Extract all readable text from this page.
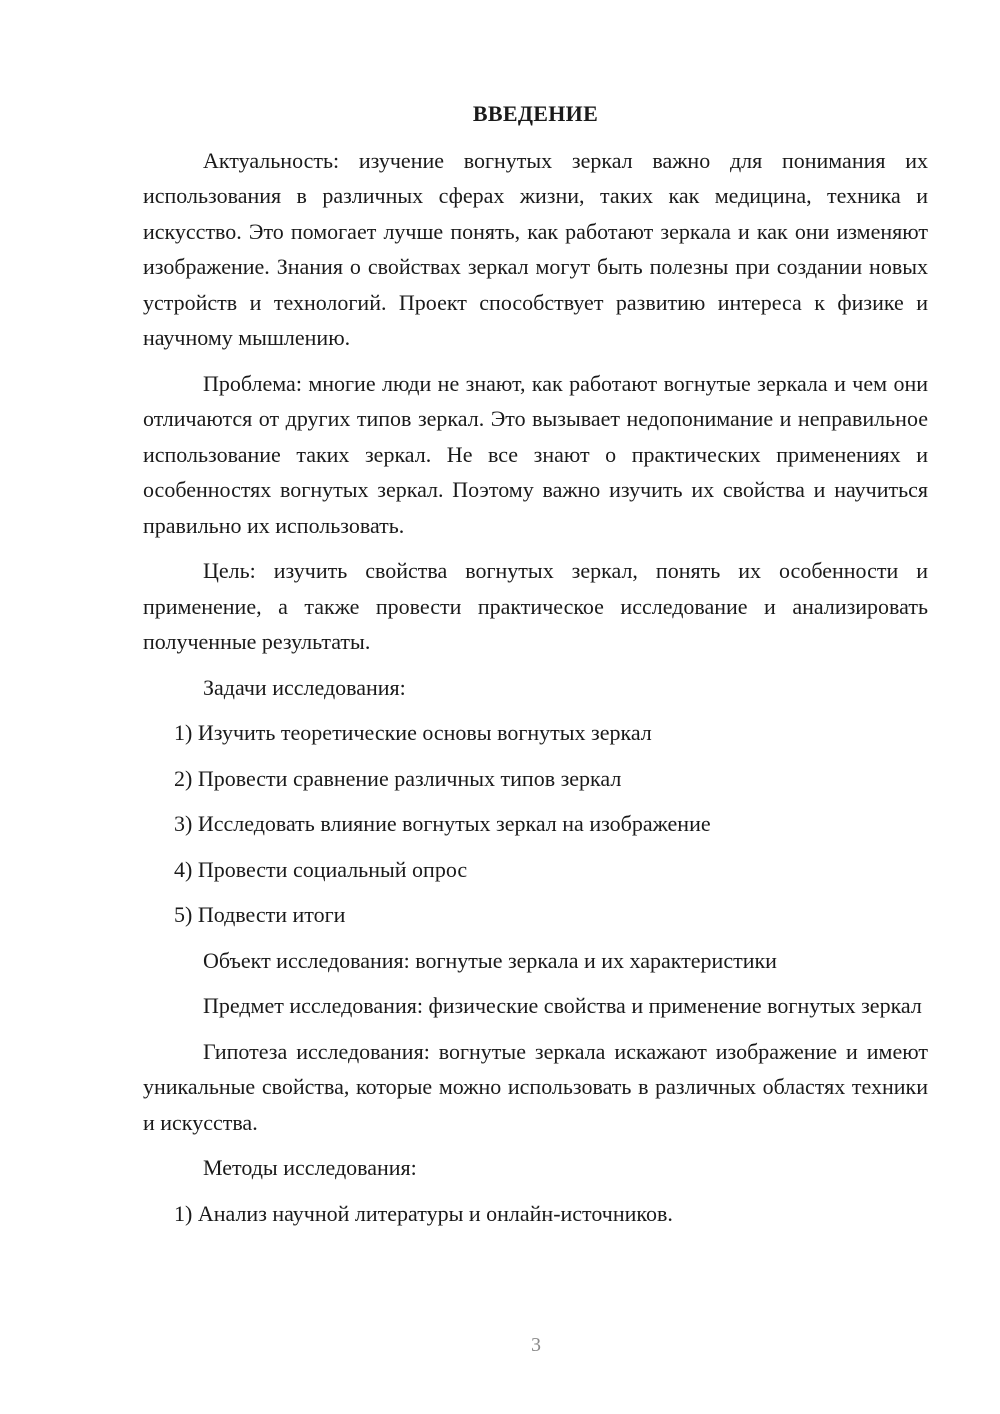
ВВЕДЕНИЕ

Актуальность: изучение вогнутых зеркал важно для понимания их использования в различных сферах жизни, таких как медицина, техника и искусство. Это помогает лучше понять, как работают зеркала и как они изменяют изображение. Знания о свойствах зеркал могут быть полезны при создании новых устройств и технологий. Проект способствует развитию интереса к физике и научному мышлению.

Проблема: многие люди не знают, как работают вогнутые зеркала и чем они отличаются от других типов зеркал. Это вызывает недопонимание и неправильное использование таких зеркал. Не все знают о практических применениях и особенностях вогнутых зеркал. Поэтому важно изучить их свойства и научиться правильно их использовать.

Цель: изучить свойства вогнутых зеркал, понять их особенности и применение, а также провести практическое исследование и анализировать полученные результаты.

Задачи исследования:
1) Изучить теоретические основы вогнутых зеркал
2) Провести сравнение различных типов зеркал
3) Исследовать влияние вогнутых зеркал на изображение
4) Провести социальный опрос
5) Подвести итоги

Объект исследования: вогнутые зеркала и их характеристики

Предмет исследования: физические свойства и применение вогнутых зеркал

Гипотеза исследования: вогнутые зеркала искажают изображение и имеют уникальные свойства, которые можно использовать в различных областях техники и искусства.

Методы исследования:
1) Анализ научной литературы и онлайн-источников.
3
